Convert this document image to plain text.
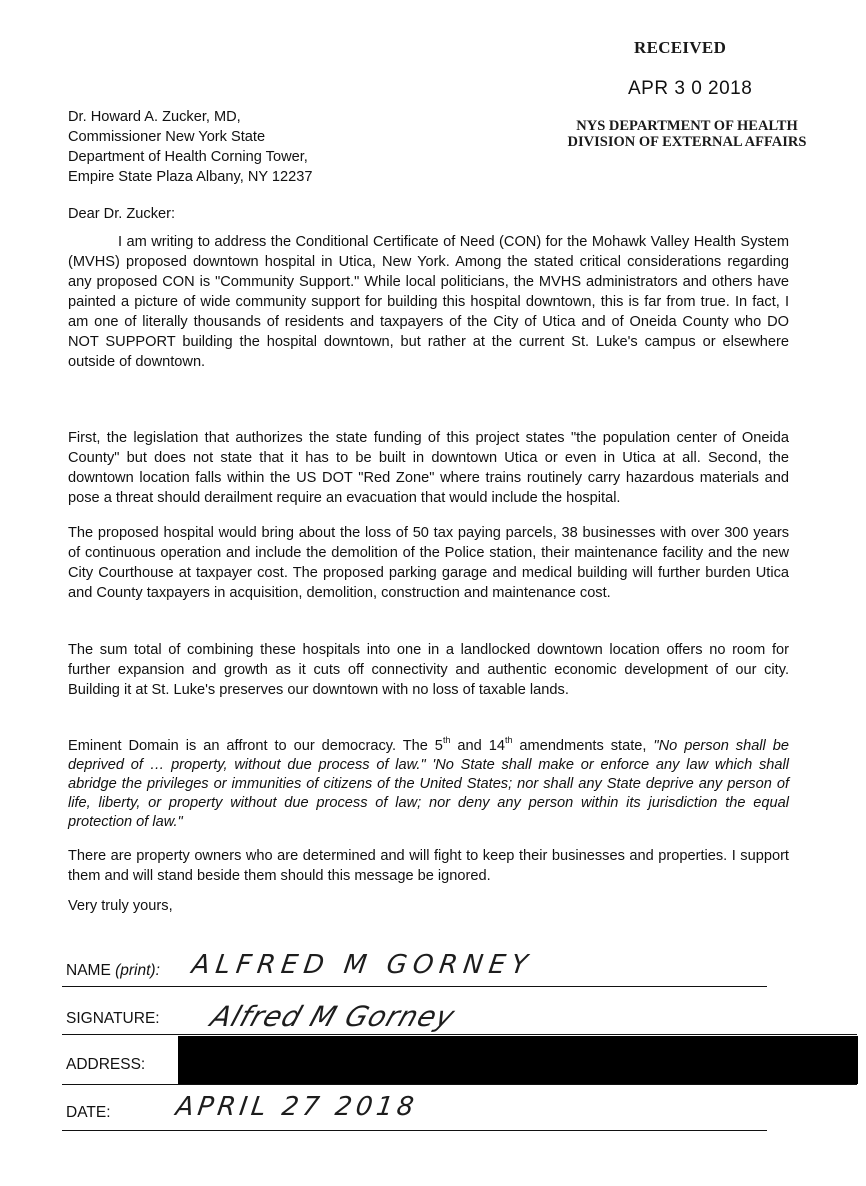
RECEIVED
APR 3 0 2018
NYS DEPARTMENT OF HEALTH
DIVISION OF EXTERNAL AFFAIRS
Dr. Howard A. Zucker, MD,
Commissioner New York State
Department of Health Corning Tower,
Empire State Plaza Albany, NY 12237
Dear Dr. Zucker:

I am writing to address the Conditional Certificate of Need (CON) for the Mohawk Valley Health System (MVHS) proposed downtown hospital in Utica, New York. Among the stated critical considerations regarding any proposed CON is "Community Support." While local politicians, the MVHS administrators and others have painted a picture of wide community support for building this hospital downtown, this is far from true. In fact, I am one of literally thousands of residents and taxpayers of the City of Utica and of Oneida County who DO NOT SUPPORT building the hospital downtown, but rather at the current St. Luke's campus or elsewhere outside of downtown.

First, the legislation that authorizes the state funding of this project states "the population center of Oneida County" but does not state that it has to be built in downtown Utica or even in Utica at all. Second, the downtown location falls within the US DOT "Red Zone" where trains routinely carry hazardous materials and pose a threat should derailment require an evacuation that would include the hospital.

The proposed hospital would bring about the loss of 50 tax paying parcels, 38 businesses with over 300 years of continuous operation and include the demolition of the Police station, their maintenance facility and the new City Courthouse at taxpayer cost. The proposed parking garage and medical building will further burden Utica and County taxpayers in acquisition, demolition, construction and maintenance cost.

The sum total of combining these hospitals into one in a landlocked downtown location offers no room for further expansion and growth as it cuts off connectivity and authentic economic development of our city. Building it at St. Luke's preserves our downtown with no loss of taxable lands.

Eminent Domain is an affront to our democracy. The 5th and 14th amendments state, "No person shall be deprived of … property, without due process of law." 'No State shall make or enforce any law which shall abridge the privileges or immunities of citizens of the United States; nor shall any State deprive any person of life, liberty, or property without due process of law; nor deny any person within its jurisdiction the equal protection of law."

There are property owners who are determined and will fight to keep their businesses and properties. I support them and will stand beside them should this message be ignored.

Very truly yours,
NAME (print): ALFRED M GORNEY
SIGNATURE: Alfred M Gorney
ADDRESS:
DATE: APRIL 27 2018
